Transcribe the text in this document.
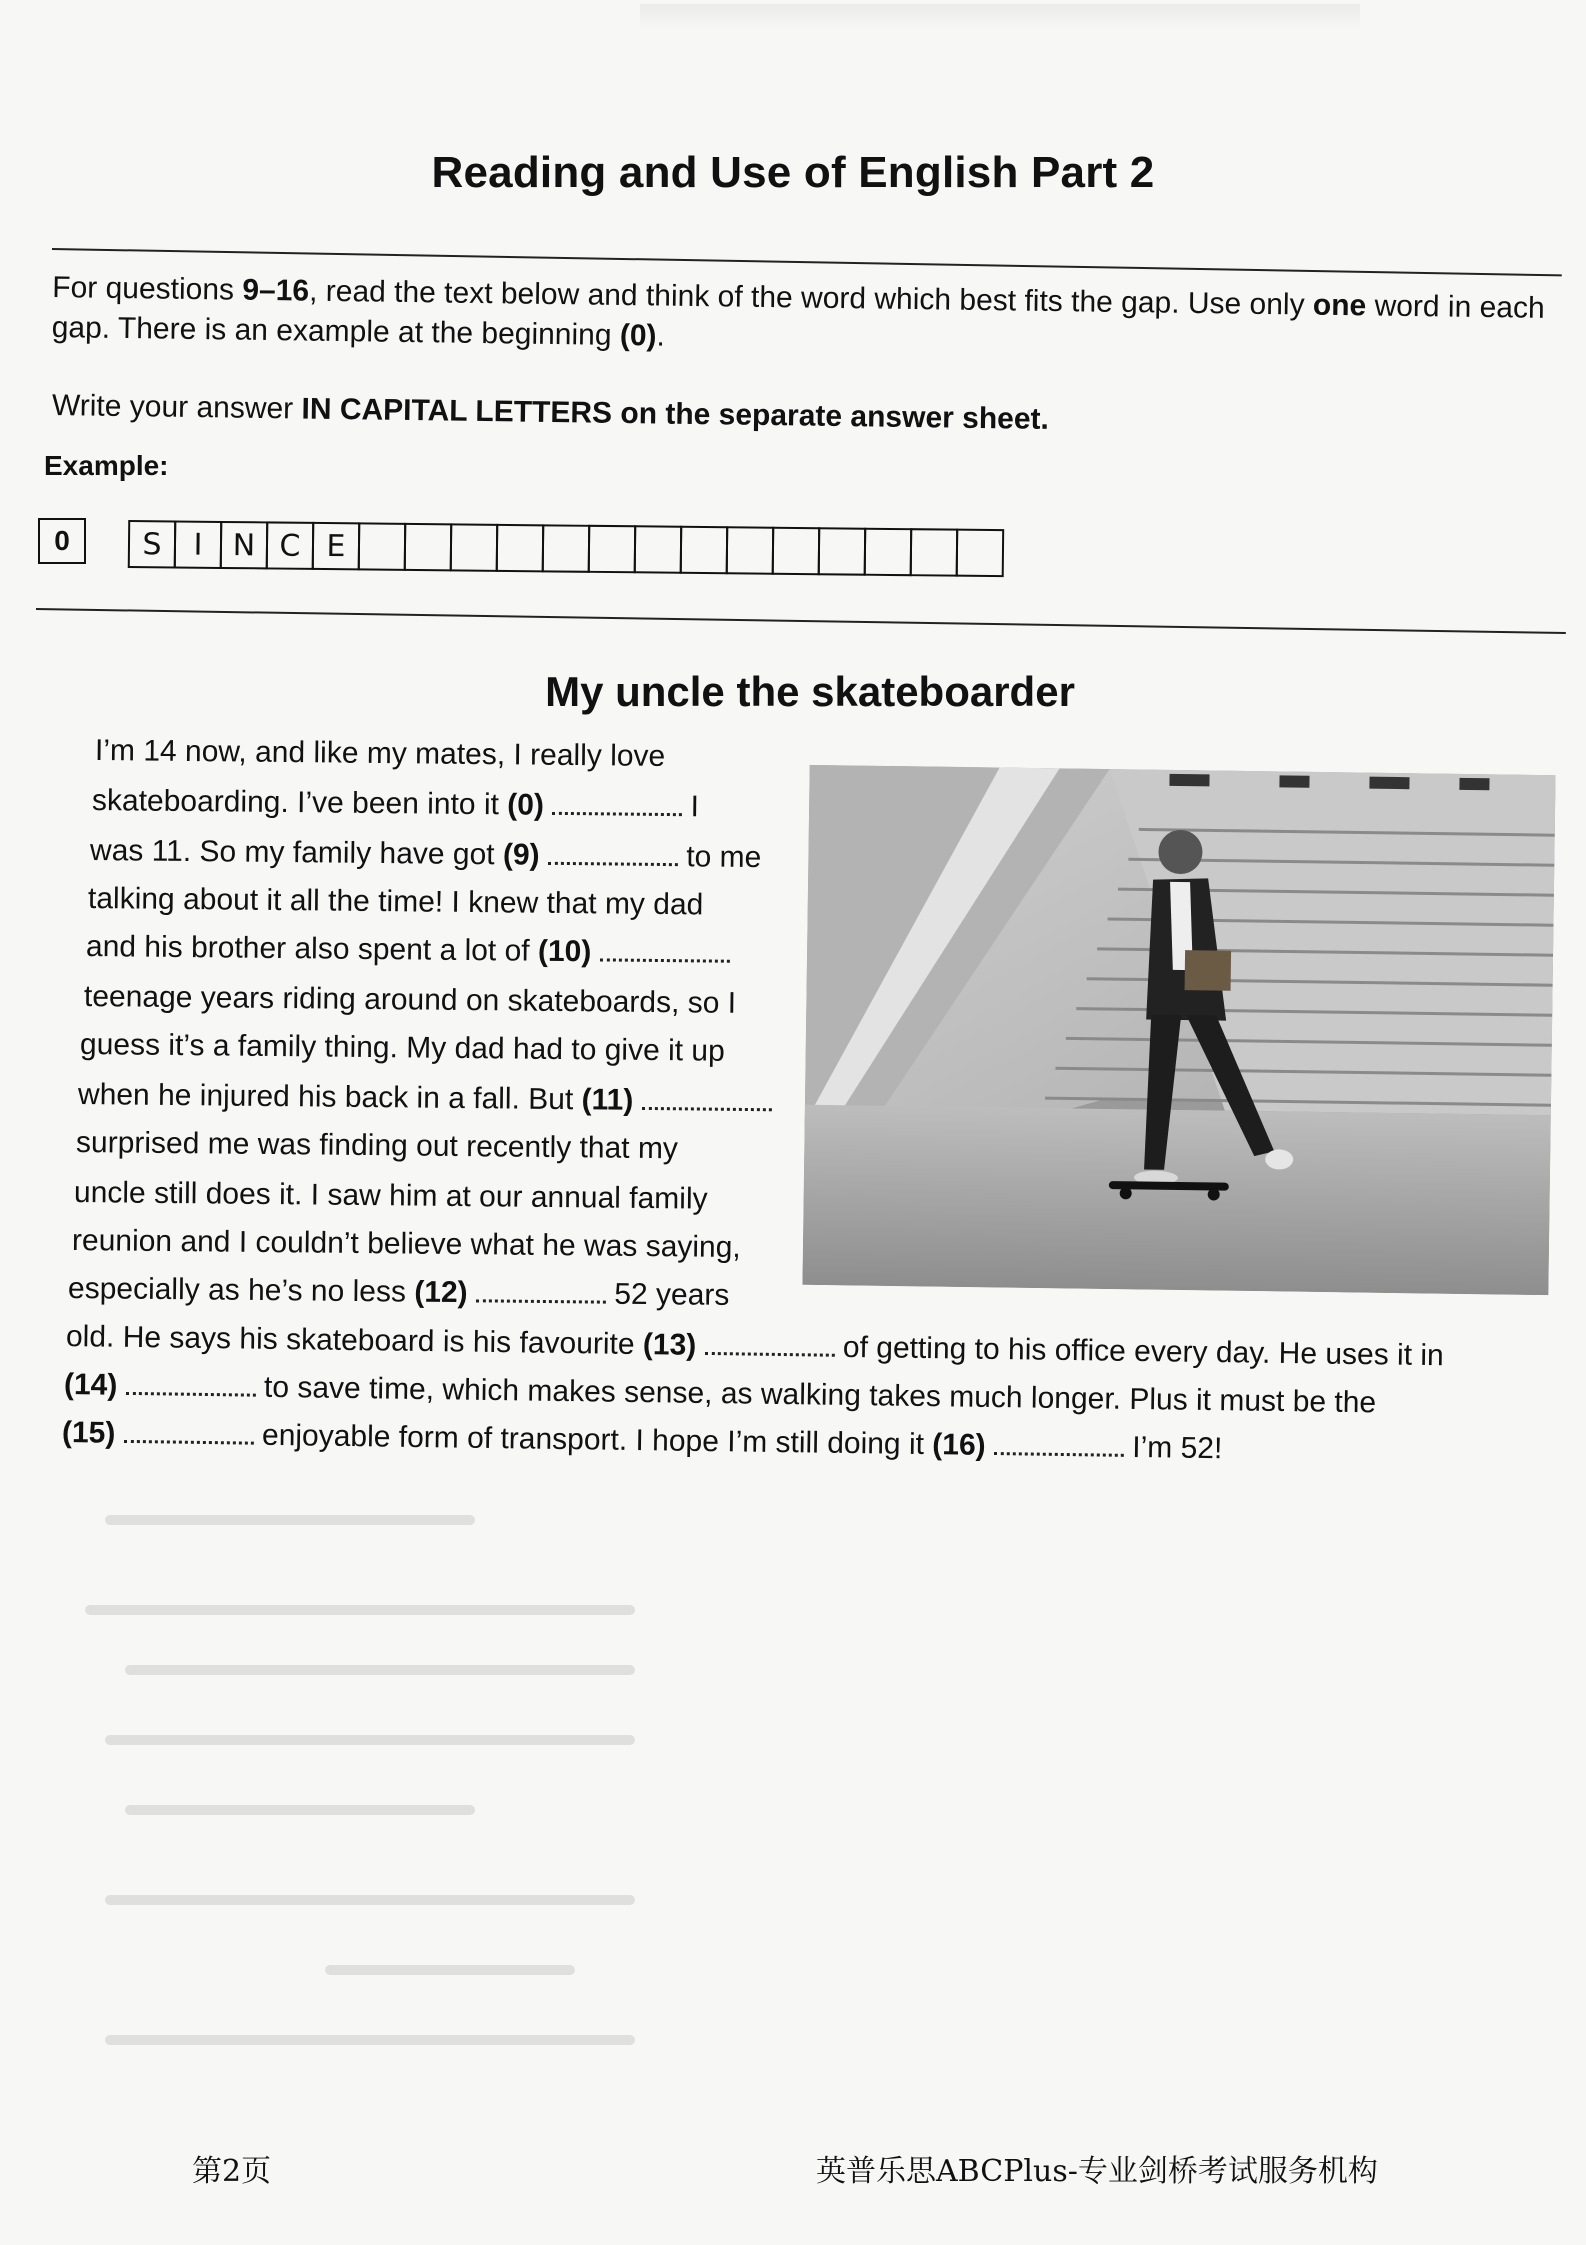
Reading and Use of English Part 2
For questions 9–16, read the text below and think of the word which best fits the gap. Use only one word in each gap. There is an example at the beginning (0).
Write your answer IN CAPITAL LETTERS on the separate answer sheet.
Example:
0	S	I N C E
My uncle the skateboarder
I’m 14 now, and like my mates, I really love
skateboarding. I’ve been into it (0)	I
was 11. So my family have got (9)	to me
talking about it all the time! I knew that my dad
and his brother also spent a lot of (10)
teenage years riding around on skateboards, so I
guess it’s a family thing. My dad had to give it up
when he injured his back in a fall. But (11)
surprised me was finding out recently that my
uncle still does it. I saw him at our annual family
reunion and I couldn’t believe what he was saying,
especially as he’s no less (12)	52 years
old. He says his skateboard is his favourite (13)	of getting to his office every day. He uses it in
(14)	to save time, which makes sense, as walking takes much longer. Plus it must be the
(15)	enjoyable form of transport. I hope I’m still doing it (16)	I’m 52!
第2页	英普乐思ABCPlus-专业剑桥考试服务机构
